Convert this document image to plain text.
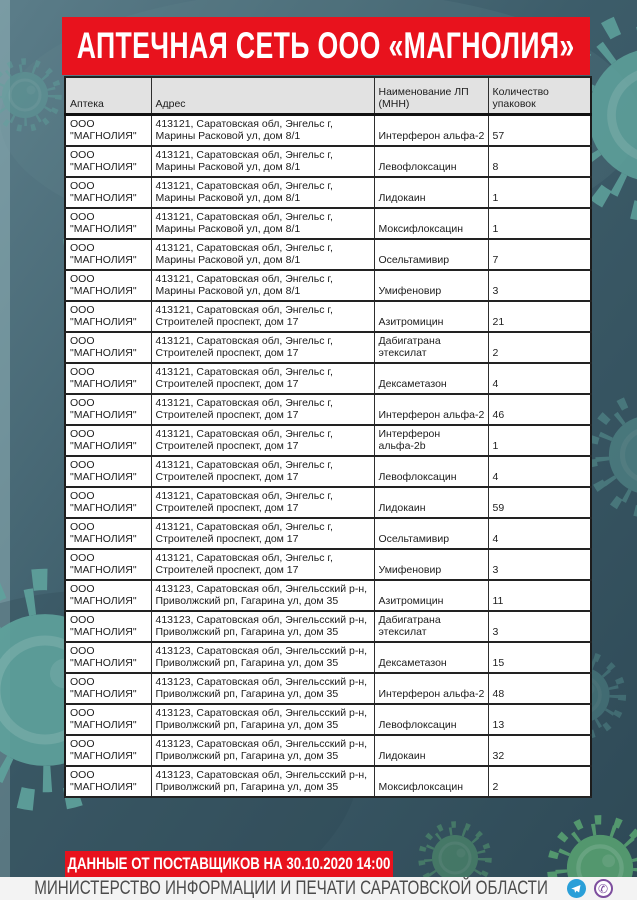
АПТЕЧНАЯ СЕТЬ ООО «МАГНОЛИЯ»
Аптека	Адрес	Наименование ЛП (МНН)	Количество упаковок
ООО "МАГНОЛИЯ"	413121, Саратовская обл, Энгельс г, Марины Расковой ул, дом 8/1	Интерферон альфа-2	57
ООО "МАГНОЛИЯ"	413121, Саратовская обл, Энгельс г, Марины Расковой ул, дом 8/1	Левофлоксацин	8
ООО "МАГНОЛИЯ"	413121, Саратовская обл, Энгельс г, Марины Расковой ул, дом 8/1	Лидокаин	1
ООО "МАГНОЛИЯ"	413121, Саратовская обл, Энгельс г, Марины Расковой ул, дом 8/1	Моксифлоксацин	1
ООО "МАГНОЛИЯ"	413121, Саратовская обл, Энгельс г, Марины Расковой ул, дом 8/1	Осельтамивир	7
ООО "МАГНОЛИЯ"	413121, Саратовская обл, Энгельс г, Марины Расковой ул, дом 8/1	Умифеновир	3
ООО "МАГНОЛИЯ"	413121, Саратовская обл, Энгельс г, Строителей проспект, дом 17	Азитромицин	21
ООО "МАГНОЛИЯ"	413121, Саратовская обл, Энгельс г, Строителей проспект, дом 17	Дабигатрана этексилат	2
ООО "МАГНОЛИЯ"	413121, Саратовская обл, Энгельс г, Строителей проспект, дом 17	Дексаметазон	4
ООО "МАГНОЛИЯ"	413121, Саратовская обл, Энгельс г, Строителей проспект, дом 17	Интерферон альфа-2	46
ООО "МАГНОЛИЯ"	413121, Саратовская обл, Энгельс г, Строителей проспект, дом 17	Интерферон альфа-2b	1
ООО "МАГНОЛИЯ"	413121, Саратовская обл, Энгельс г, Строителей проспект, дом 17	Левофлоксацин	4
ООО "МАГНОЛИЯ"	413121, Саратовская обл, Энгельс г, Строителей проспект, дом 17	Лидокаин	59
ООО "МАГНОЛИЯ"	413121, Саратовская обл, Энгельс г, Строителей проспект, дом 17	Осельтамивир	4
ООО "МАГНОЛИЯ"	413121, Саратовская обл, Энгельс г, Строителей проспект, дом 17	Умифеновир	3
ООО "МАГНОЛИЯ"	413123, Саратовская обл, Энгельсский р-н, Приволжский рп, Гагарина ул, дом 35	Азитромицин	11
ООО "МАГНОЛИЯ"	413123, Саратовская обл, Энгельсский р-н, Приволжский рп, Гагарина ул, дом 35	Дабигатрана этексилат	3
ООО "МАГНОЛИЯ"	413123, Саратовская обл, Энгельсский р-н, Приволжский рп, Гагарина ул, дом 35	Дексаметазон	15
ООО "МАГНОЛИЯ"	413123, Саратовская обл, Энгельсский р-н, Приволжский рп, Гагарина ул, дом 35	Интерферон альфа-2	48
ООО "МАГНОЛИЯ"	413123, Саратовская обл, Энгельсский р-н, Приволжский рп, Гагарина ул, дом 35	Левофлоксацин	13
ООО "МАГНОЛИЯ"	413123, Саратовская обл, Энгельсский р-н, Приволжский рп, Гагарина ул, дом 35	Лидокаин	32
ООО "МАГНОЛИЯ"	413123, Саратовская обл, Энгельсский р-н, Приволжский рп, Гагарина ул, дом 35	Моксифлоксацин	2
ДАННЫЕ ОТ ПОСТАВЩИКОВ НА 30.10.2020 14:00
МИНИСТЕРСТВО ИНФОРМАЦИИ И ПЕЧАТИ САРАТОВСКОЙ ОБЛАСТИ	✆
